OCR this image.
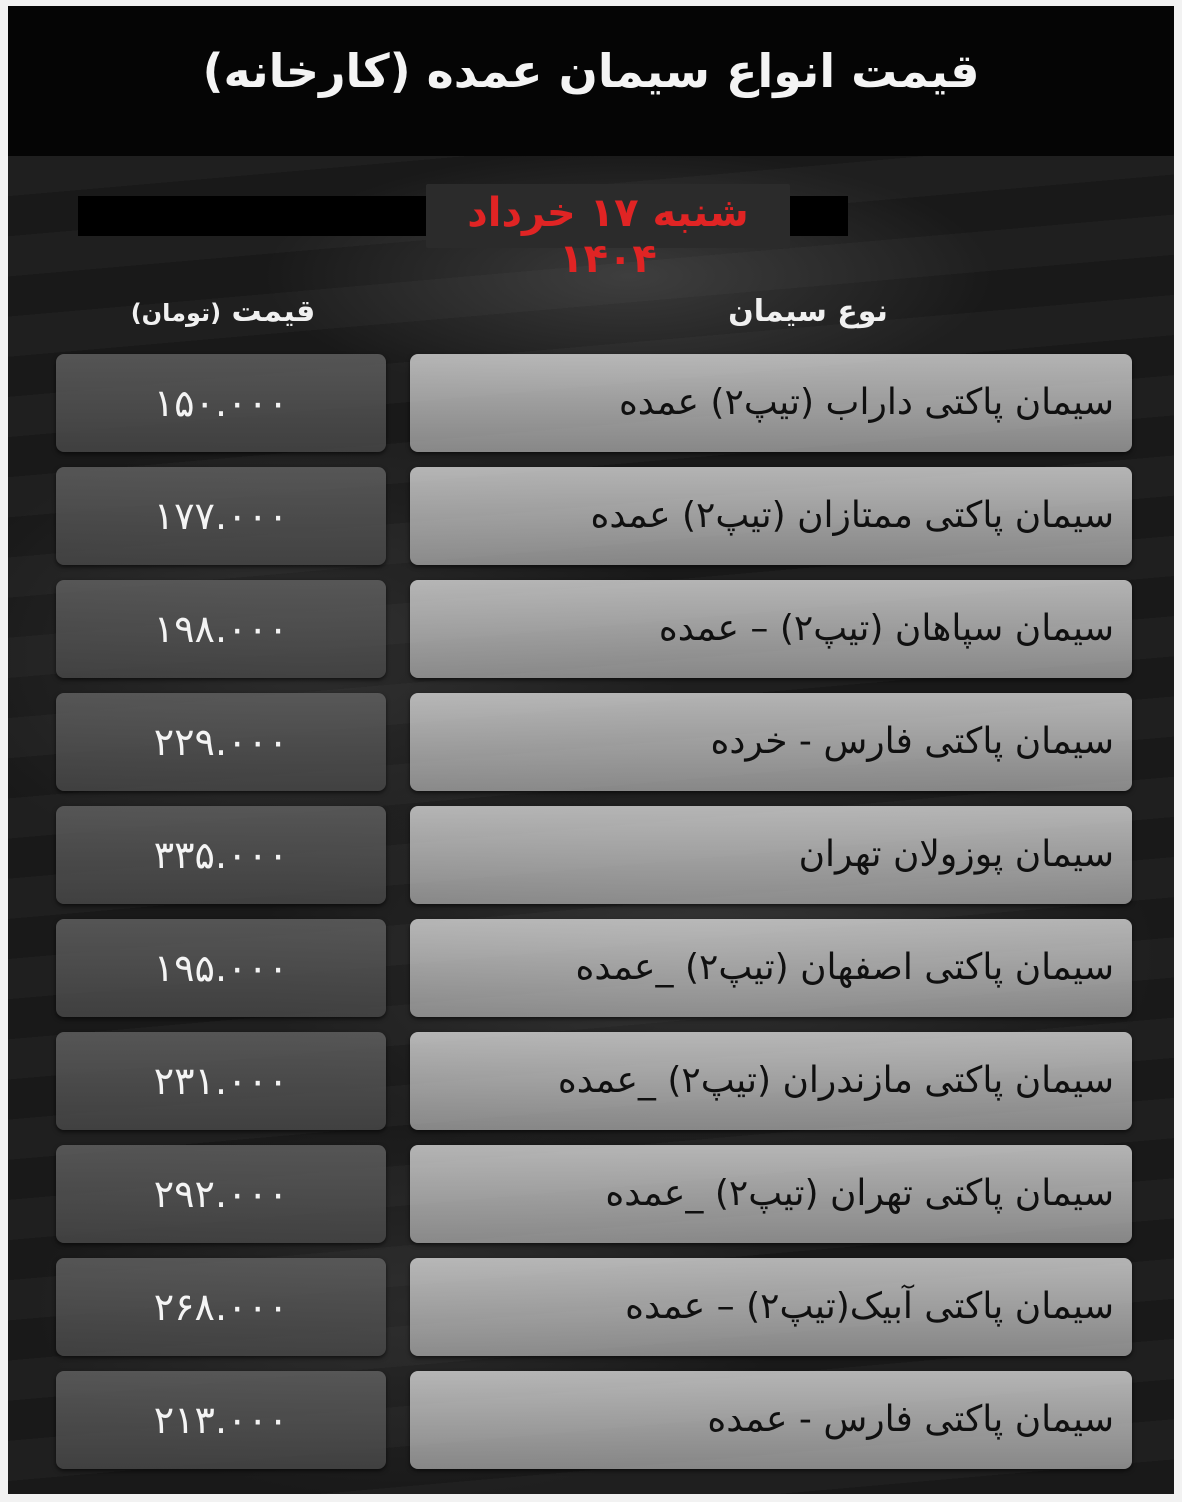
قیمت انواع سیمان عمده (کارخانه)
شنبه ۱۷ خرداد ۱۴۰۴
نوع سیمان
قیمت (تومان)
سیمان پاکتی داراب (تیپ۲) عمده
۱۵۰.۰۰۰
سیمان پاکتی ممتازان (تیپ۲) عمده
۱۷۷.۰۰۰
سیمان سپاهان (تیپ۲) – عمده
۱۹۸.۰۰۰
سیمان پاکتی فارس - خرده
۲۲۹.۰۰۰
سیمان پوزولان تهران
۳۳۵.۰۰۰
سیمان پاکتی اصفهان (تیپ۲) _عمده
۱۹۵.۰۰۰
سیمان پاکتی مازندران (تیپ۲) _عمده
۲۳۱.۰۰۰
سیمان پاکتی تهران (تیپ۲) _عمده
۲۹۲.۰۰۰
سیمان پاکتی آبیک(تیپ۲) – عمده
۲۶۸.۰۰۰
سیمان پاکتی فارس - عمده
۲۱۳.۰۰۰
